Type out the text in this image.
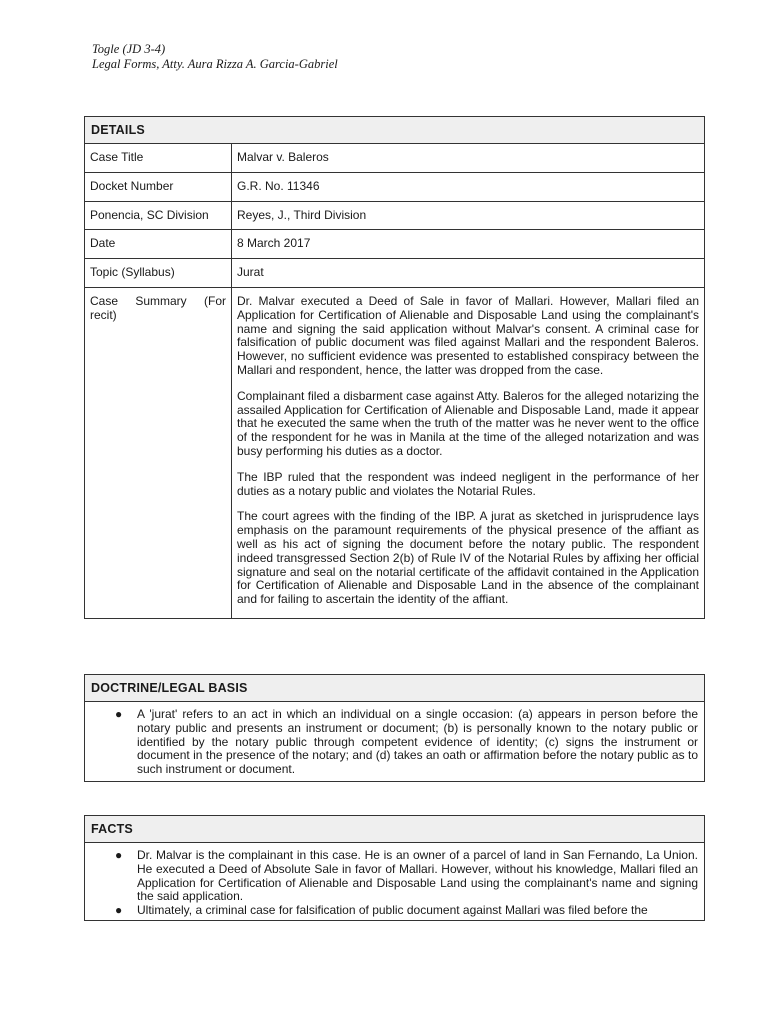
Togle (JD 3-4)
Legal Forms, Atty. Aura Rizza A. Garcia-Gabriel
DETAILS
Case Title	Malvar v. Baleros
Docket Number	G.R. No. 11346
Ponencia, SC Division	Reyes, J., Third Division
Date	8 March 2017
Topic (Syllabus)	Jurat
Case Summary (For recit)	Dr. Malvar executed a Deed of Sale in favor of Mallari. However, Mallari filed an Application for Certification of Alienable and Disposable Land using the complainant's name and signing the said application without Malvar's consent. A criminal case for falsification of public document was filed against Mallari and the respondent Baleros. However, no sufficient evidence was presented to established conspiracy between the Mallari and respondent, hence, the latter was dropped from the case.

Complainant filed a disbarment case against Atty. Baleros for the alleged notarizing the assailed Application for Certification of Alienable and Disposable Land, made it appear that he executed the same when the truth of the matter was he never went to the office of the respondent for he was in Manila at the time of the alleged notarization and was busy performing his duties as a doctor.

The IBP ruled that the respondent was indeed negligent in the performance of her duties as a notary public and violates the Notarial Rules.

The court agrees with the finding of the IBP. A jurat as sketched in jurisprudence lays emphasis on the paramount requirements of the physical presence of the affiant as well as his act of signing the document before the notary public. The respondent indeed transgressed Section 2(b) of Rule IV of the Notarial Rules by affixing her official signature and seal on the notarial certificate of the affidavit contained in the Application for Certification of Alienable and Disposable Land in the absence of the complainant and for failing to ascertain the identity of the affiant.

DOCTRINE/LEGAL BASIS
● A 'jurat' refers to an act in which an individual on a single occasion: (a) appears in person before the notary public and presents an instrument or document; (b) is personally known to the notary public or identified by the notary public through competent evidence of identity; (c) signs the instrument or document in the presence of the notary; and (d) takes an oath or affirmation before the notary public as to such instrument or document.
FACTS
● Dr. Malvar is the complainant in this case. He is an owner of a parcel of land in San Fernando, La Union. He executed a Deed of Absolute Sale in favor of Mallari. However, without his knowledge, Mallari filed an Application for Certification of Alienable and Disposable Land using the complainant's name and signing the said application.
● Ultimately, a criminal case for falsification of public document against Mallari was filed before the
